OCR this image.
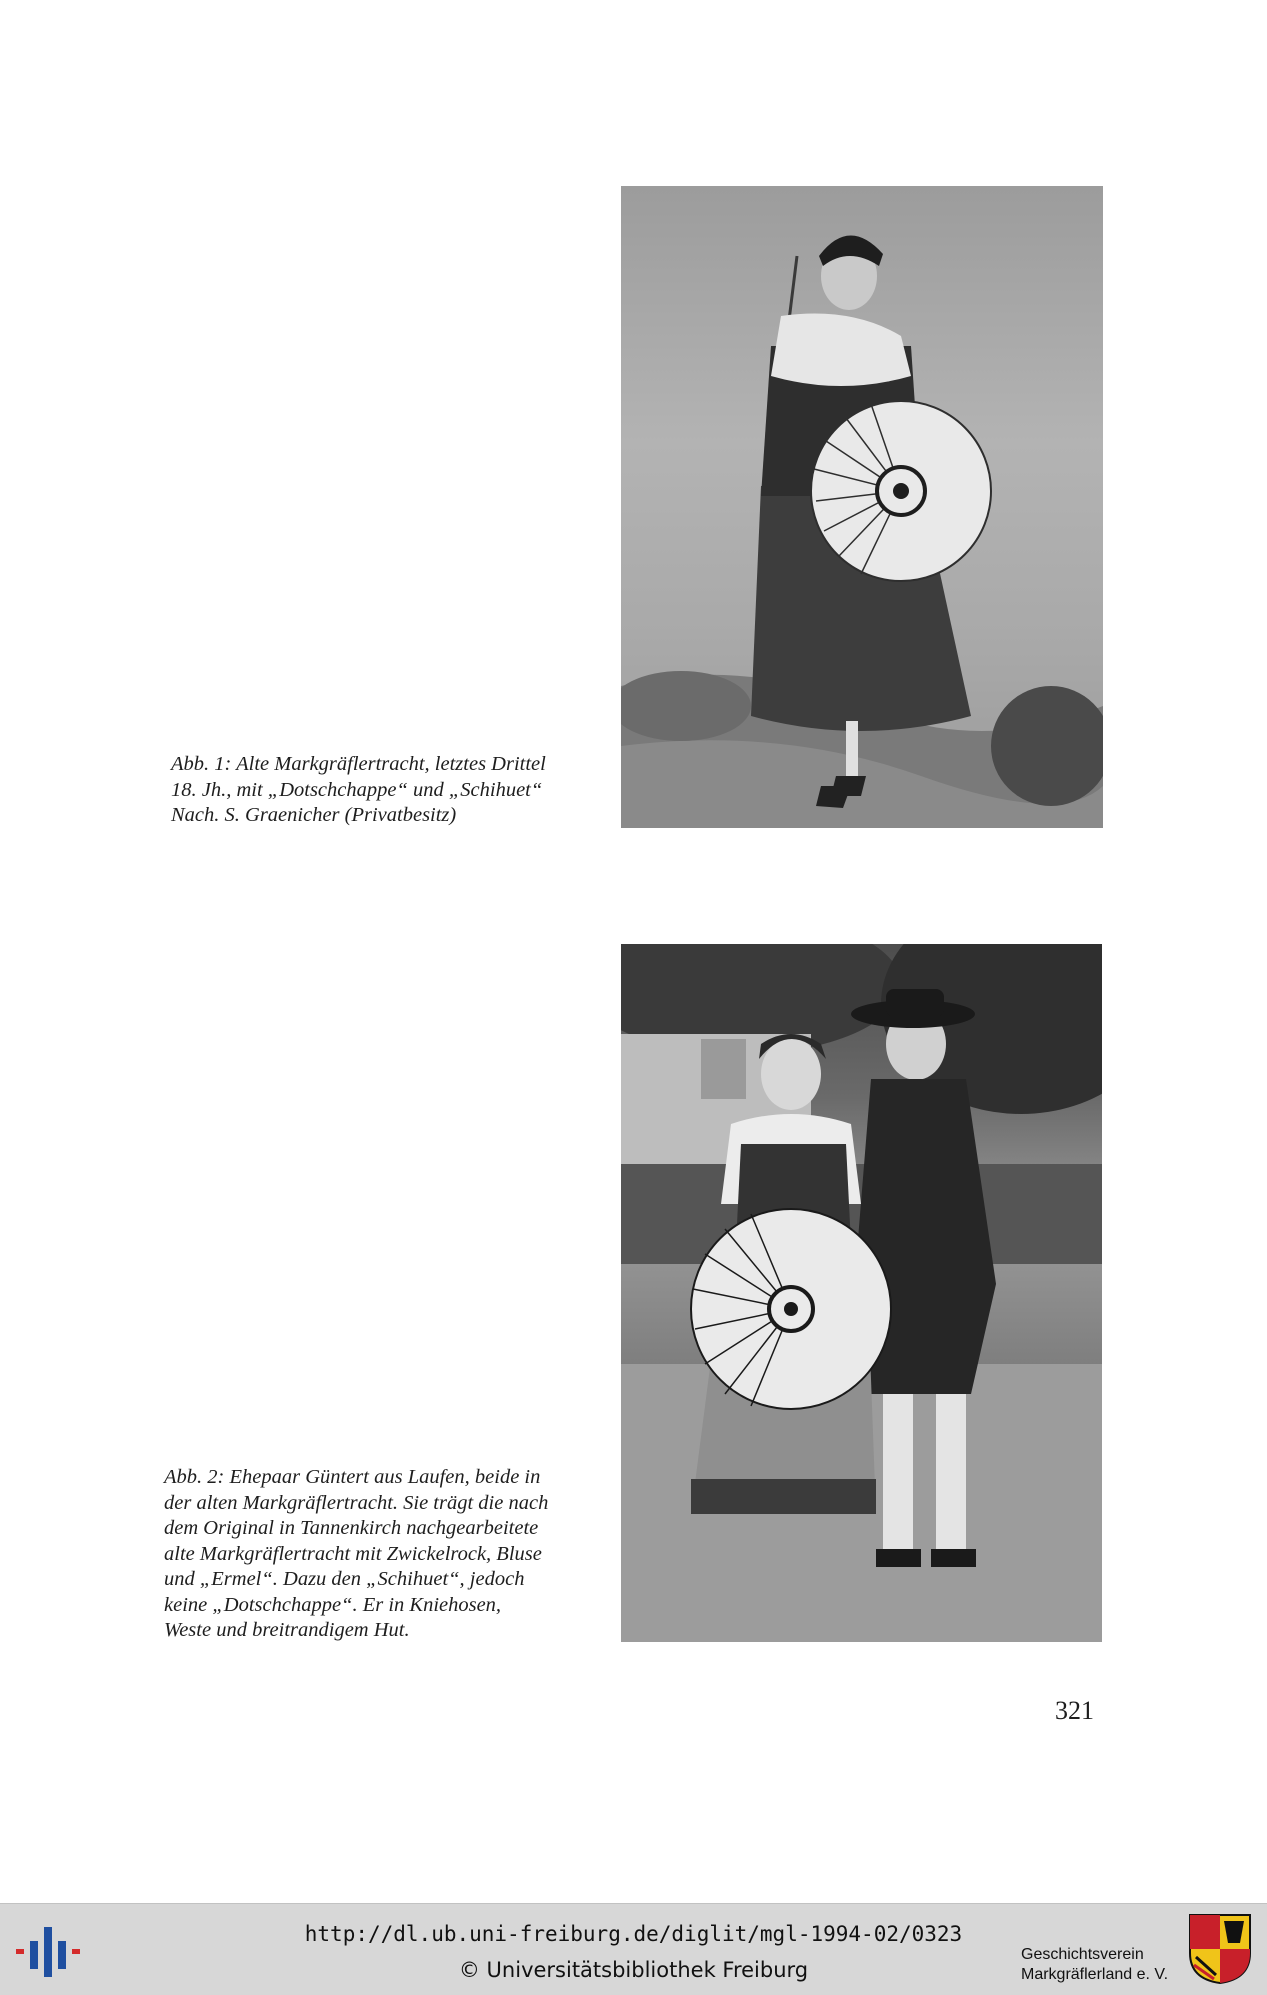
Abb. 1: Alte Markgräflertracht, letztes Drittel
18. Jh., mit „Dotschchappe“ und „Schihuet“
Nach. S. Graenicher (Privatbesitz)

Abb. 2: Ehepaar Güntert aus Laufen, beide in
der alten Markgräflertracht. Sie trägt die nach
dem Original in Tannenkirch nachgearbeitete
alte Markgräflertracht mit Zwickelrock, Bluse
und „Ermel“. Dazu den „Schihuet“, jedoch
keine „Dotschchappe“. Er in Kniehosen,
Weste und breitrandigem Hut.

321
http://dl.ub.uni-freiburg.de/diglit/mgl-1994-02/0323
© Universitätsbibliothek Freiburg
Geschichtsverein
Markgräflerland e. V.
